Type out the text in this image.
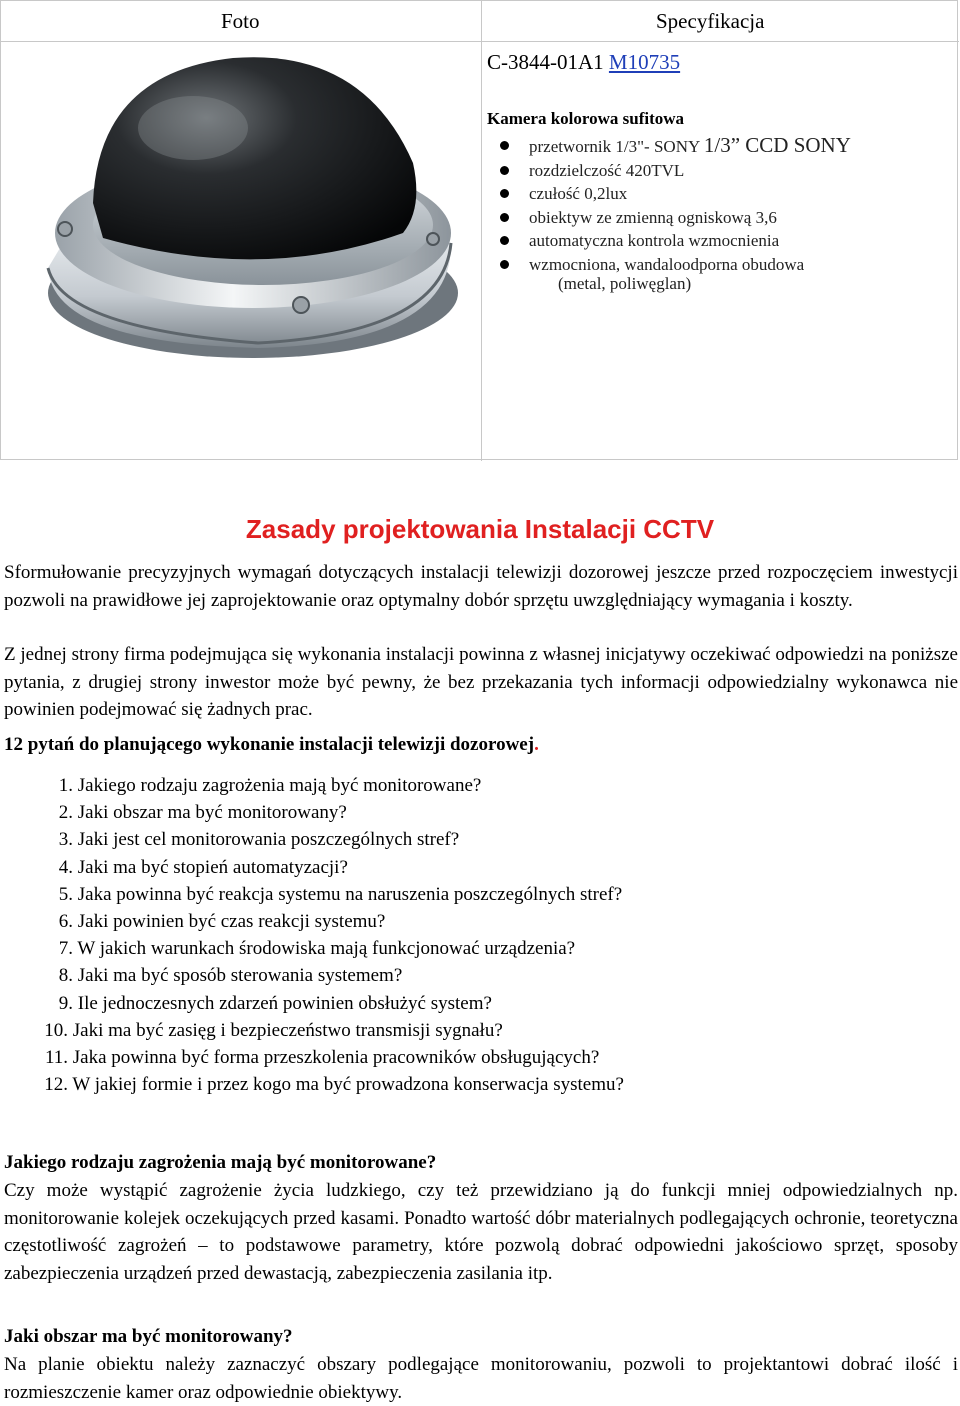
Foto	Specyfikacja
C-3844-01A1 M10735
Kamera kolorowa sufitowa
przetwornik 1/3"- SONY 1/3” CCD SONY
rozdzielczość 420TVL
czułość 0,2lux
obiektyw ze zmienną ogniskową 3,6
automatyczna kontrola wzmocnienia
wzmocniona, wandaloodporna obudowa
(metal, poliwęglan)
Zasady projektowania Instalacji CCTV

Sformułowanie precyzyjnych wymagań dotyczących instalacji telewizji dozorowej jeszcze przed rozpoczęciem inwestycji pozwoli na prawidłowe jej zaprojektowanie oraz optymalny dobór sprzętu uwzględniający wymagania i koszty.

Z jednej strony firma podejmująca się wykonania instalacji powinna z własnej inicjatywy oczekiwać odpowiedzi na poniższe pytania, z drugiej strony inwestor może być pewny, że bez przekazania tych informacji odpowiedzialny wykonawca nie powinien podejmować się żadnych prac.

12 pytań do planującego wykonanie instalacji telewizji dozorowej.
1. Jakiego rodzaju zagrożenia mają być monitorowane?
2. Jaki obszar ma być monitorowany?
3. Jaki jest cel monitorowania poszczególnych stref?
4. Jaki ma być stopień automatyzacji?
5. Jaka powinna być reakcja systemu na naruszenia poszczególnych stref?
6. Jaki powinien być czas reakcji systemu?
7. W jakich warunkach środowiska mają funkcjonować urządzenia?
8. Jaki ma być sposób sterowania systemem?
9. Ile jednoczesnych zdarzeń powinien obsłużyć system?
10. Jaki ma być zasięg i bezpieczeństwo transmisji sygnału?
11. Jaka powinna być forma przeszkolenia pracowników obsługujących?
12. W jakiej formie i przez kogo ma być prowadzona konserwacja systemu?
Jakiego rodzaju zagrożenia mają być monitorowane?

Czy może wystąpić zagrożenie życia ludzkiego, czy też przewidziano ją do funkcji mniej odpowiedzialnych np. monitorowanie kolejek oczekujących przed kasami. Ponadto wartość dóbr materialnych podlegających ochronie, teoretyczna częstotliwość zagrożeń – to podstawowe parametry, które pozwolą dobrać odpowiedni jakościowo sprzęt, sposoby zabezpieczenia urządzeń przed dewastacją, zabezpieczenia zasilania itp.

Jaki obszar ma być monitorowany?

Na planie obiektu należy zaznaczyć obszary podlegające monitorowaniu, pozwoli to projektantowi dobrać ilość i rozmieszczenie kamer oraz odpowiednie obiektywy.
